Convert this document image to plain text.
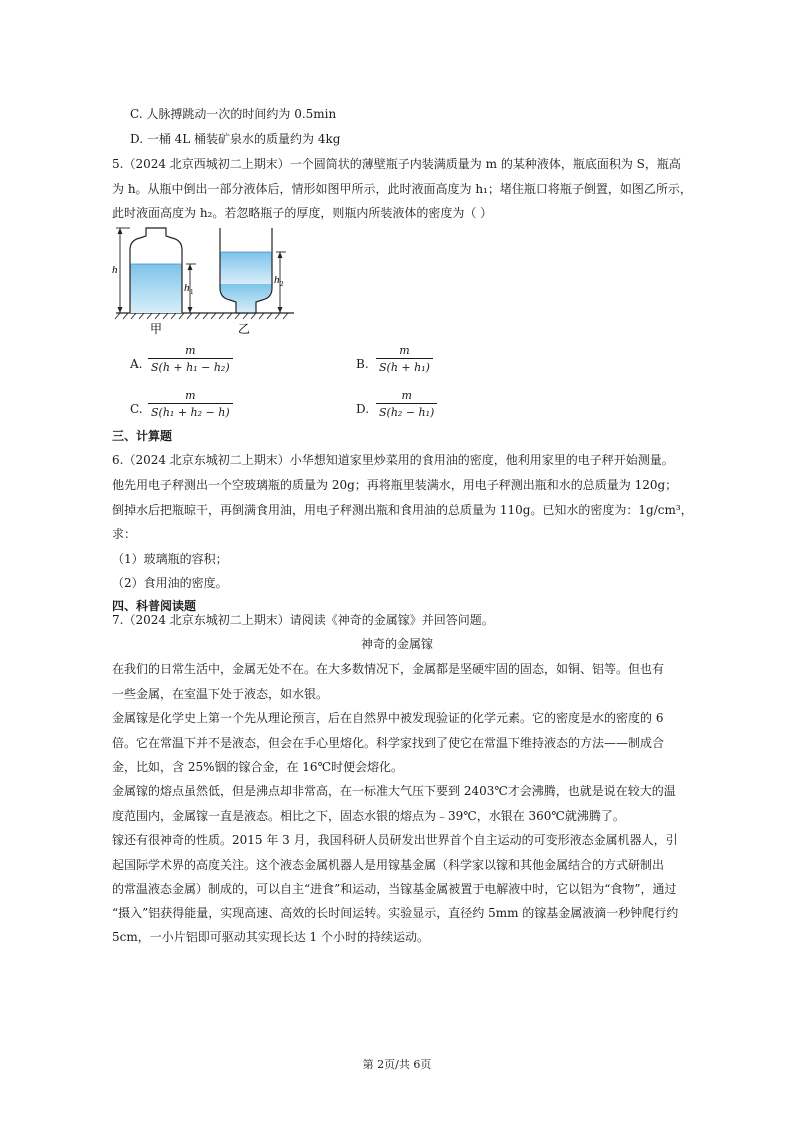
C. 人脉搏跳动一次的时间约为 0.5min
D. 一桶 4L 桶装矿泉水的质量约为 4kg
5.（2024 北京西城初二上期末）一个圆筒状的薄壁瓶子内装满质量为 m 的某种液体，瓶底面积为 S，瓶高
为 h。从瓶中倒出一部分液体后，情形如图甲所示，此时液面高度为 h₁；堵住瓶口将瓶子倒置，如图乙所示，
此时液面高度为 h₂。若忽略瓶子的厚度，则瓶内所装液体的密度为（ ）
h
h 1
h 2
甲	乙
A. $\frac{m}{\text{S(h + h₁ − h₂)}}$	B. $\frac{m}{\text{S(h + h₁)}}$
C. $\frac{m}{\text{S(h₁ + h₂ − h)}}$	D. $\frac{m}{\text{S(h₂ − h₁)}}$
三、计算题
6.（2024 北京东城初二上期末）小华想知道家里炒菜用的食用油的密度，他利用家里的电子秤开始测量。
他先用电子秤测出一个空玻璃瓶的质量为 20g；再将瓶里装满水，用电子秤测出瓶和水的总质量为 120g；
倒掉水后把瓶晾干，再倒满食用油，用电子秤测出瓶和食用油的总质量为 110g。已知水的密度为：1g/cm³，
求：
（1）玻璃瓶的容积；
（2）食用油的密度。
四、科普阅读题
7.（2024 北京东城初二上期末）请阅读《神奇的金属镓》并回答问题。
神奇的金属镓
在我们的日常生活中，金属无处不在。在大多数情况下，金属都是坚硬牢固的固态，如铜、铝等。但也有
一些金属，在室温下处于液态，如水银。
金属镓是化学史上第一个先从理论预言，后在自然界中被发现验证的化学元素。它的密度是水的密度的 6
倍。它在常温下并不是液态，但会在手心里熔化。科学家找到了使它在常温下维持液态的方法——制成合
金，比如，含 25%铟的镓合金，在 16℃时便会熔化。
金属镓的熔点虽然低，但是沸点却非常高，在一标准大气压下要到 2403℃才会沸腾，也就是说在较大的温
度范围内，金属镓一直是液态。相比之下，固态水银的熔点为﹣39℃，水银在 360℃就沸腾了。
镓还有很神奇的性质。2015 年 3 月，我国科研人员研发出世界首个自主运动的可变形液态金属机器人，引
起国际学术界的高度关注。这个液态金属机器人是用镓基金属（科学家以镓和其他金属结合的方式研制出
的常温液态金属）制成的，可以自主“进食”和运动，当镓基金属被置于电解液中时，它以铝为“食物”，通过
“摄入”铝获得能量，实现高速、高效的长时间运转。实验显示，直径约 5mm 的镓基金属液滴一秒钟爬行约
5cm，一小片铝即可驱动其实现长达 1 个小时的持续运动。
第 2页/共 6页
